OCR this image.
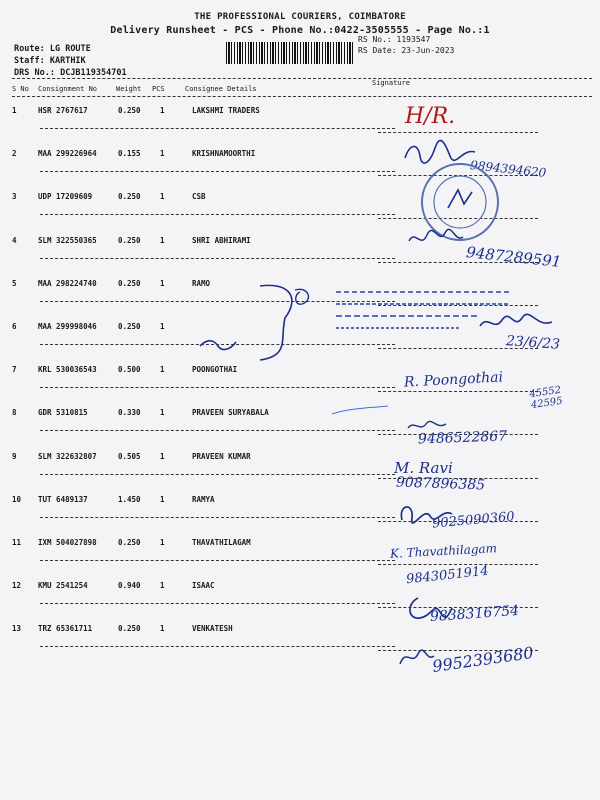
THE PROFESSIONAL COURIERS, COIMBATORE
Delivery Runsheet - PCS - Phone No.:0422-3505555 - Page No.:1
Route: LG ROUTE
Staff: KARTHIK
DRS No.: DCJB119354701
RS No.: 1193547
RS Date: 23-Jun-2023
S No Consignment No	Weight PCS	Consignee Details
Signature
1	HSR 2767617	0.250	1	LAKSHMI TRADERS
2	MAA 299226964	0.155	1	KRISHNAMOORTHI
3	UDP 17209609	0.250	1	CSB
4	SLM 322550365	0.250	1	SHRI ABHIRAMI
5	MAA 298224740	0.250	1	RAMO
6	MAA 299998046	0.250	1
7	KRL 530036543	0.500	1	POONGOTHAI
8	GDR 5310815	0.330	1	PRAVEEN SURYABALA
9	SLM 322632807	0.505	1	PRAVEEN KUMAR
10 TUT 6489137	1.450	1	RAMYA
11 IXM 504027898	0.250	1	THAVATHILAGAM
12 KMU 2541254	0.940	1	ISAAC
13 TRZ 65361711	0.250	1	VENKATESH
H/R.
9894394620
9487289591
23/6/23
R. Poongothai
45552 42595
9486522867
M. Ravi
9087896385
9025090360
K. Thavathilagam
9843051914
9838316754
9952393680
